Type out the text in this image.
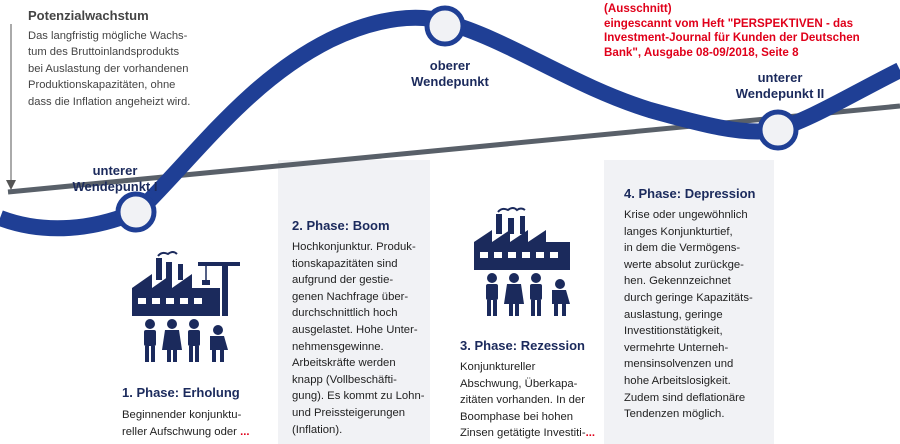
Potenzialwachstum
Das langfristig mögliche Wachs-
tum des Bruttoinlandsprodukts
bei Auslastung der vorhandenen
Produktionskapazitäten, ohne
dass die Inflation angeheizt wird.
(Ausschnitt)
eingescannt vom Heft "PERSPEKTIVEN - das
Investment-Journal für Kunden der Deutschen
Bank", Ausgabe 08-09/2018, Seite 8
unterer
Wendepunkt I
oberer
Wendepunkt	unterer
Wendepunkt II
1. Phase: Erholung
Beginnender konjunktu-
reller Aufschwung oder ...
2. Phase: Boom
Hochkonjunktur. Produk-
tionskapazitäten sind
aufgrund der gestie-
genen Nachfrage über-
durchschnittlich hoch
ausgelastet. Hohe Unter-
nehmensgewinne.
Arbeitskräfte werden
knapp (Vollbeschäfti-
gung). Es kommt zu Lohn-
und Preissteigerungen
(Inflation).
3. Phase: Rezession
Konjunktureller
Abschwung, Überkapa-
zitäten vorhanden. In der
Boomphase bei hohen
Zinsen getätigte Investiti-...
4. Phase: Depression
Krise oder ungewöhnlich
langes Konjunkturtief,
in dem die Vermögens-
werte absolut zurückge-
hen. Gekennzeichnet
durch geringe Kapazitäts-
auslastung, geringe
Investitionstätigkeit,
vermehrte Unterneh-
mensinsolvenzen und
hohe Arbeitslosigkeit.
Zudem sind deflationäre
Tendenzen möglich.
